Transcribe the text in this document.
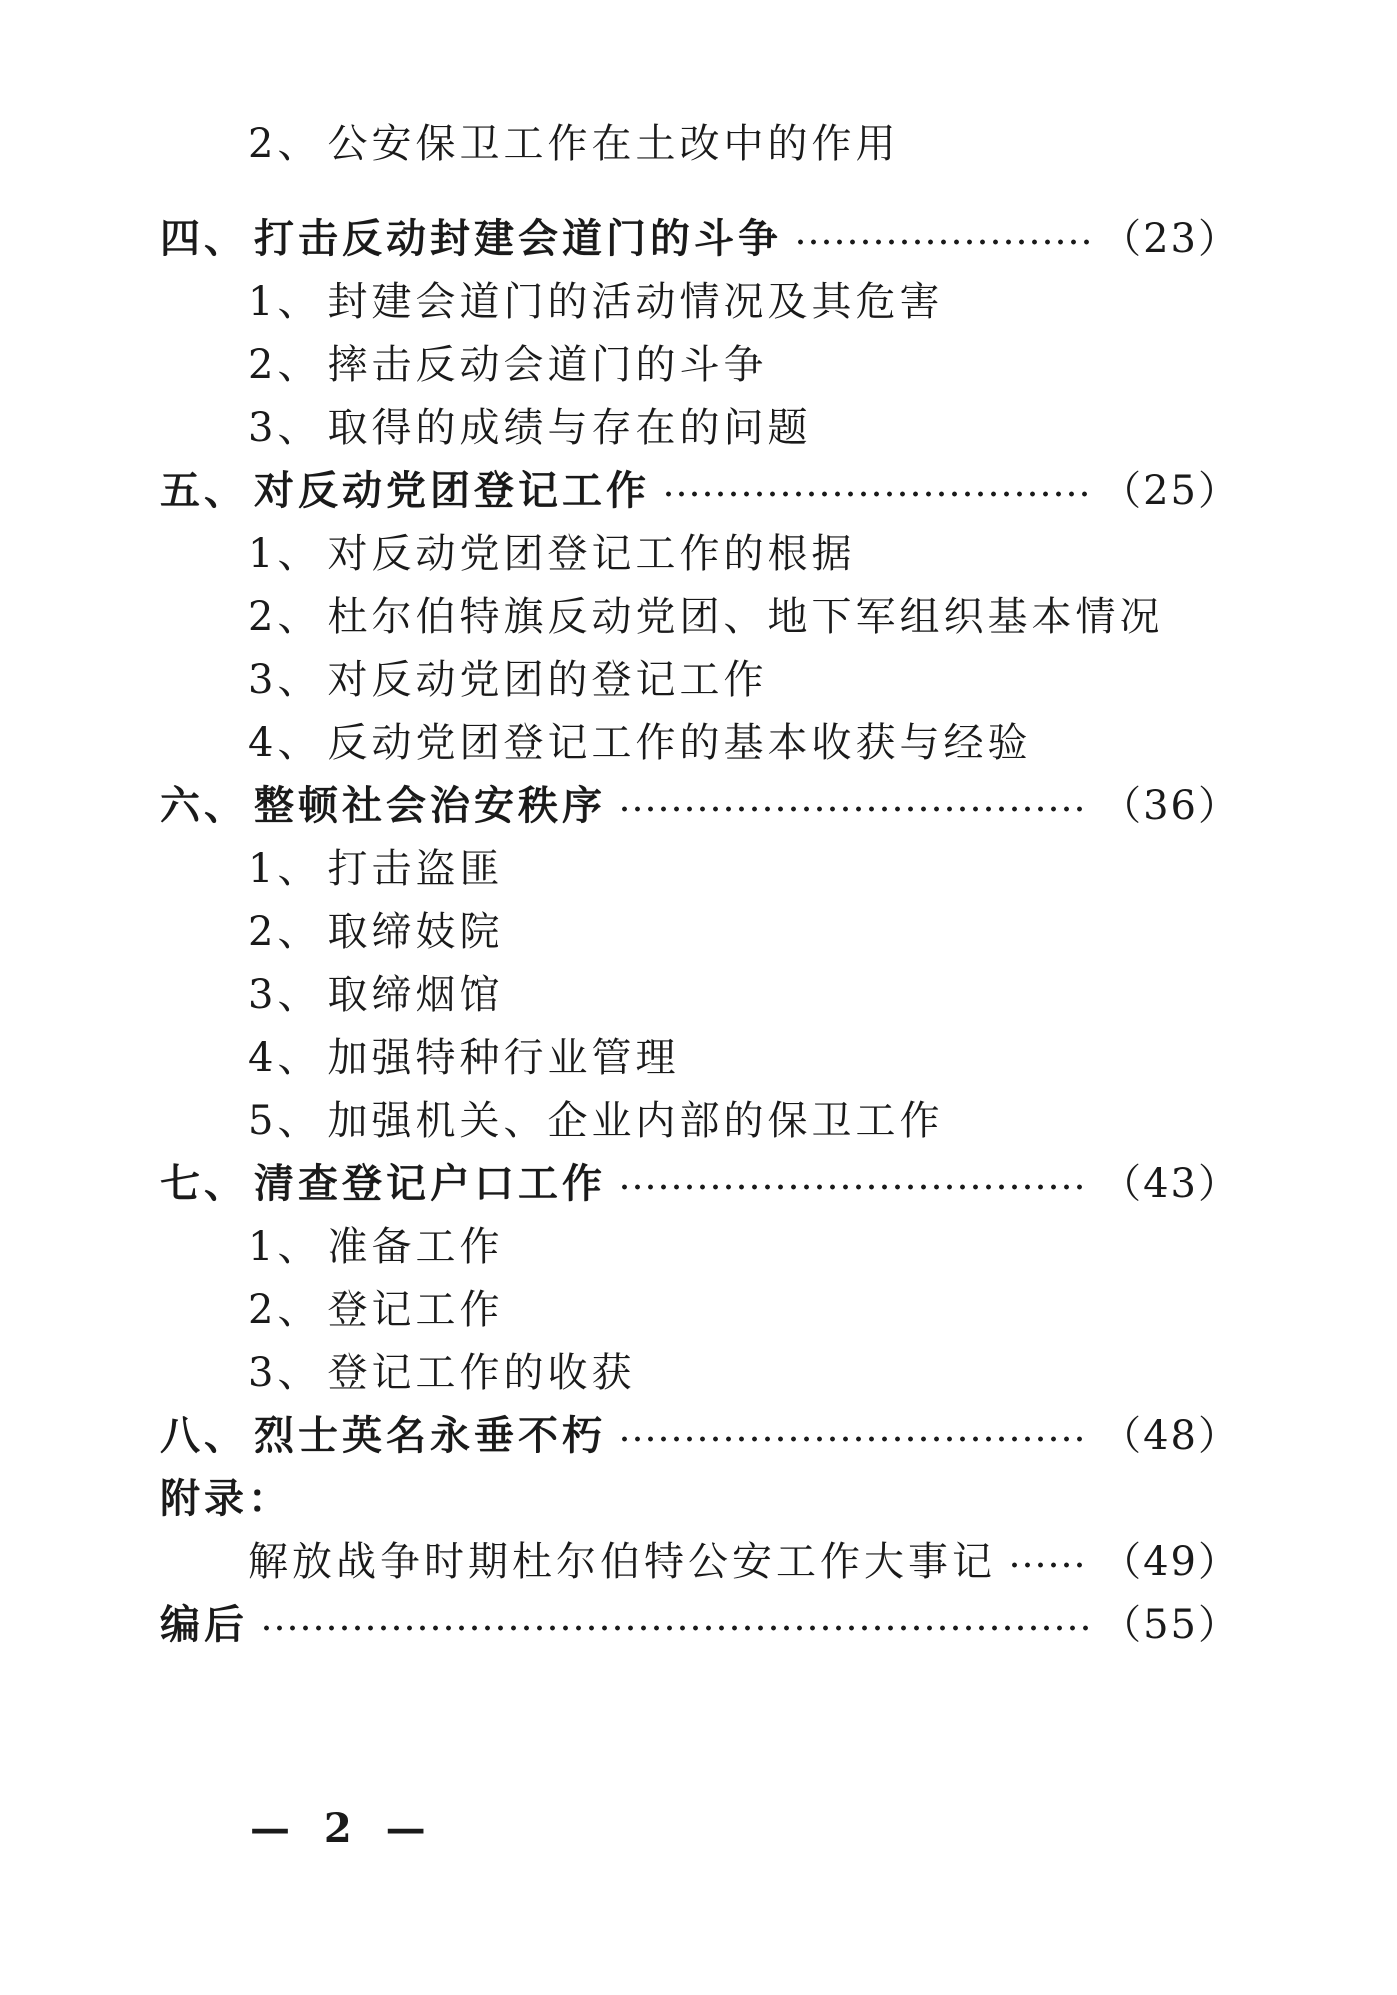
2、 公安保卫工作在土改中的作用
四、 打击反动封建会道门的斗争	（23）
1、 封建会道门的活动情况及其危害
2、 摔击反动会道门的斗争
3、 取得的成绩与存在的问题
五、 对反动党团登记工作	（25）
1、 对反动党团登记工作的根据
2、 杜尔伯特旗反动党团、地下军组织基本情况
3、 对反动党团的登记工作
4、 反动党团登记工作的基本收获与经验
六、 整顿社会治安秩序	（36）
1、 打击盗匪
2、 取缔妓院
3、 取缔烟馆
4、 加强特种行业管理
5、 加强机关、企业内部的保卫工作
七、 清查登记户口工作	（43）
1、 准备工作
2、 登记工作
3、 登记工作的收获
八、 烈士英名永垂不朽	（48）
附录：
解放战争时期杜尔伯特公安工作大事记	（49）
编后	（55）
— 2 —
